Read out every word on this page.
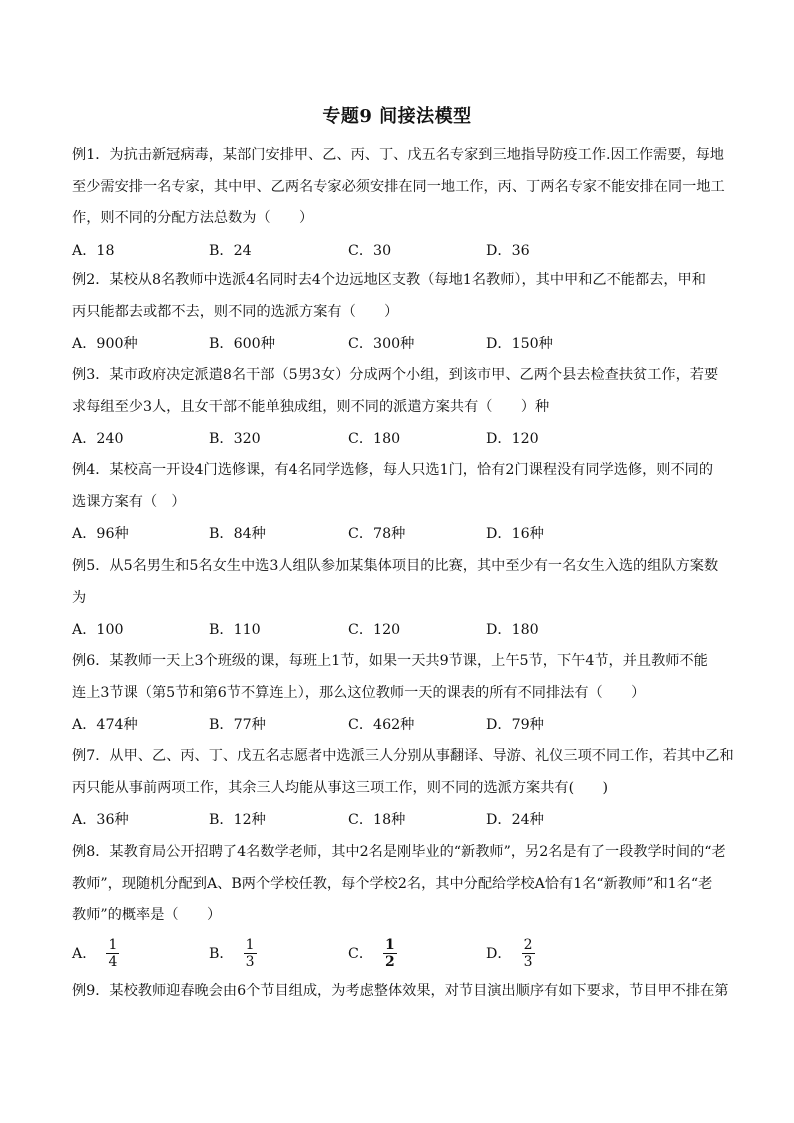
专题9 间接法模型
例1．为抗击新冠病毒，某部门安排甲、乙、丙、丁、戊五名专家到三地指导防疫工作.因工作需要，每地
至少需安排一名专家，其中甲、乙两名专家必须安排在同一地工作，丙、丁两名专家不能安排在同一地工
作，则不同的分配方法总数为（　　）
A．18	B．24	C．30	D．36
例2．某校从8名教师中选派4名同时去4个边远地区支教（每地1名教师），其中甲和乙不能都去，甲和
丙只能都去或都不去，则不同的选派方案有（　　）
A．900种	B．600种	C．300种	D．150种
例3．某市政府决定派遣8名干部（5男3女）分成两个小组，到该市甲、乙两个县去检查扶贫工作，若要
求每组至少3人，且女干部不能单独成组，则不同的派遣方案共有（　　）种
A．240	B．320	C．180	D．120
例4．某校高一开设4门选修课，有4名同学选修，每人只选1门，恰有2门课程没有同学选修，则不同的
选课方案有（　）
A．96种	B．84种	C．78种	D．16种
例5．从5名男生和5名女生中选3人组队参加某集体项目的比赛，其中至少有一名女生入选的组队方案数
为
A．100	B．110	C．120	D．180
例6．某教师一天上3个班级的课，每班上1节，如果一天共9节课，上午5节，下午4节，并且教师不能
连上3节课（第5节和第6节不算连上），那么这位教师一天的课表的所有不同排法有（　　）
A．474种	B．77种	C．462种	D．79种
例7．从甲、乙、丙、丁、戊五名志愿者中选派三人分别从事翻译、导游、礼仪三项不同工作，若其中乙和
丙只能从事前两项工作，其余三人均能从事这三项工作，则不同的选派方案共有(　　)
A．36种	B．12种	C．18种	D．24种
例8．某教育局公开招聘了4名数学老师，其中2名是刚毕业的“新教师”，另2名是有了一段教学时间的“老
教师”，现随机分配到A、B两个学校任教，每个学校2名，其中分配给学校A恰有1名“新教师”和1名“老
教师”的概率是（　　）
A． $\frac{1}{4}$	B． $\frac{1}{3}$	C． $\frac{1}{2}$	D． $\frac{2}{3}$
例9．某校教师迎春晚会由6个节目组成，为考虑整体效果，对节目演出顺序有如下要求，节目甲不排在第
